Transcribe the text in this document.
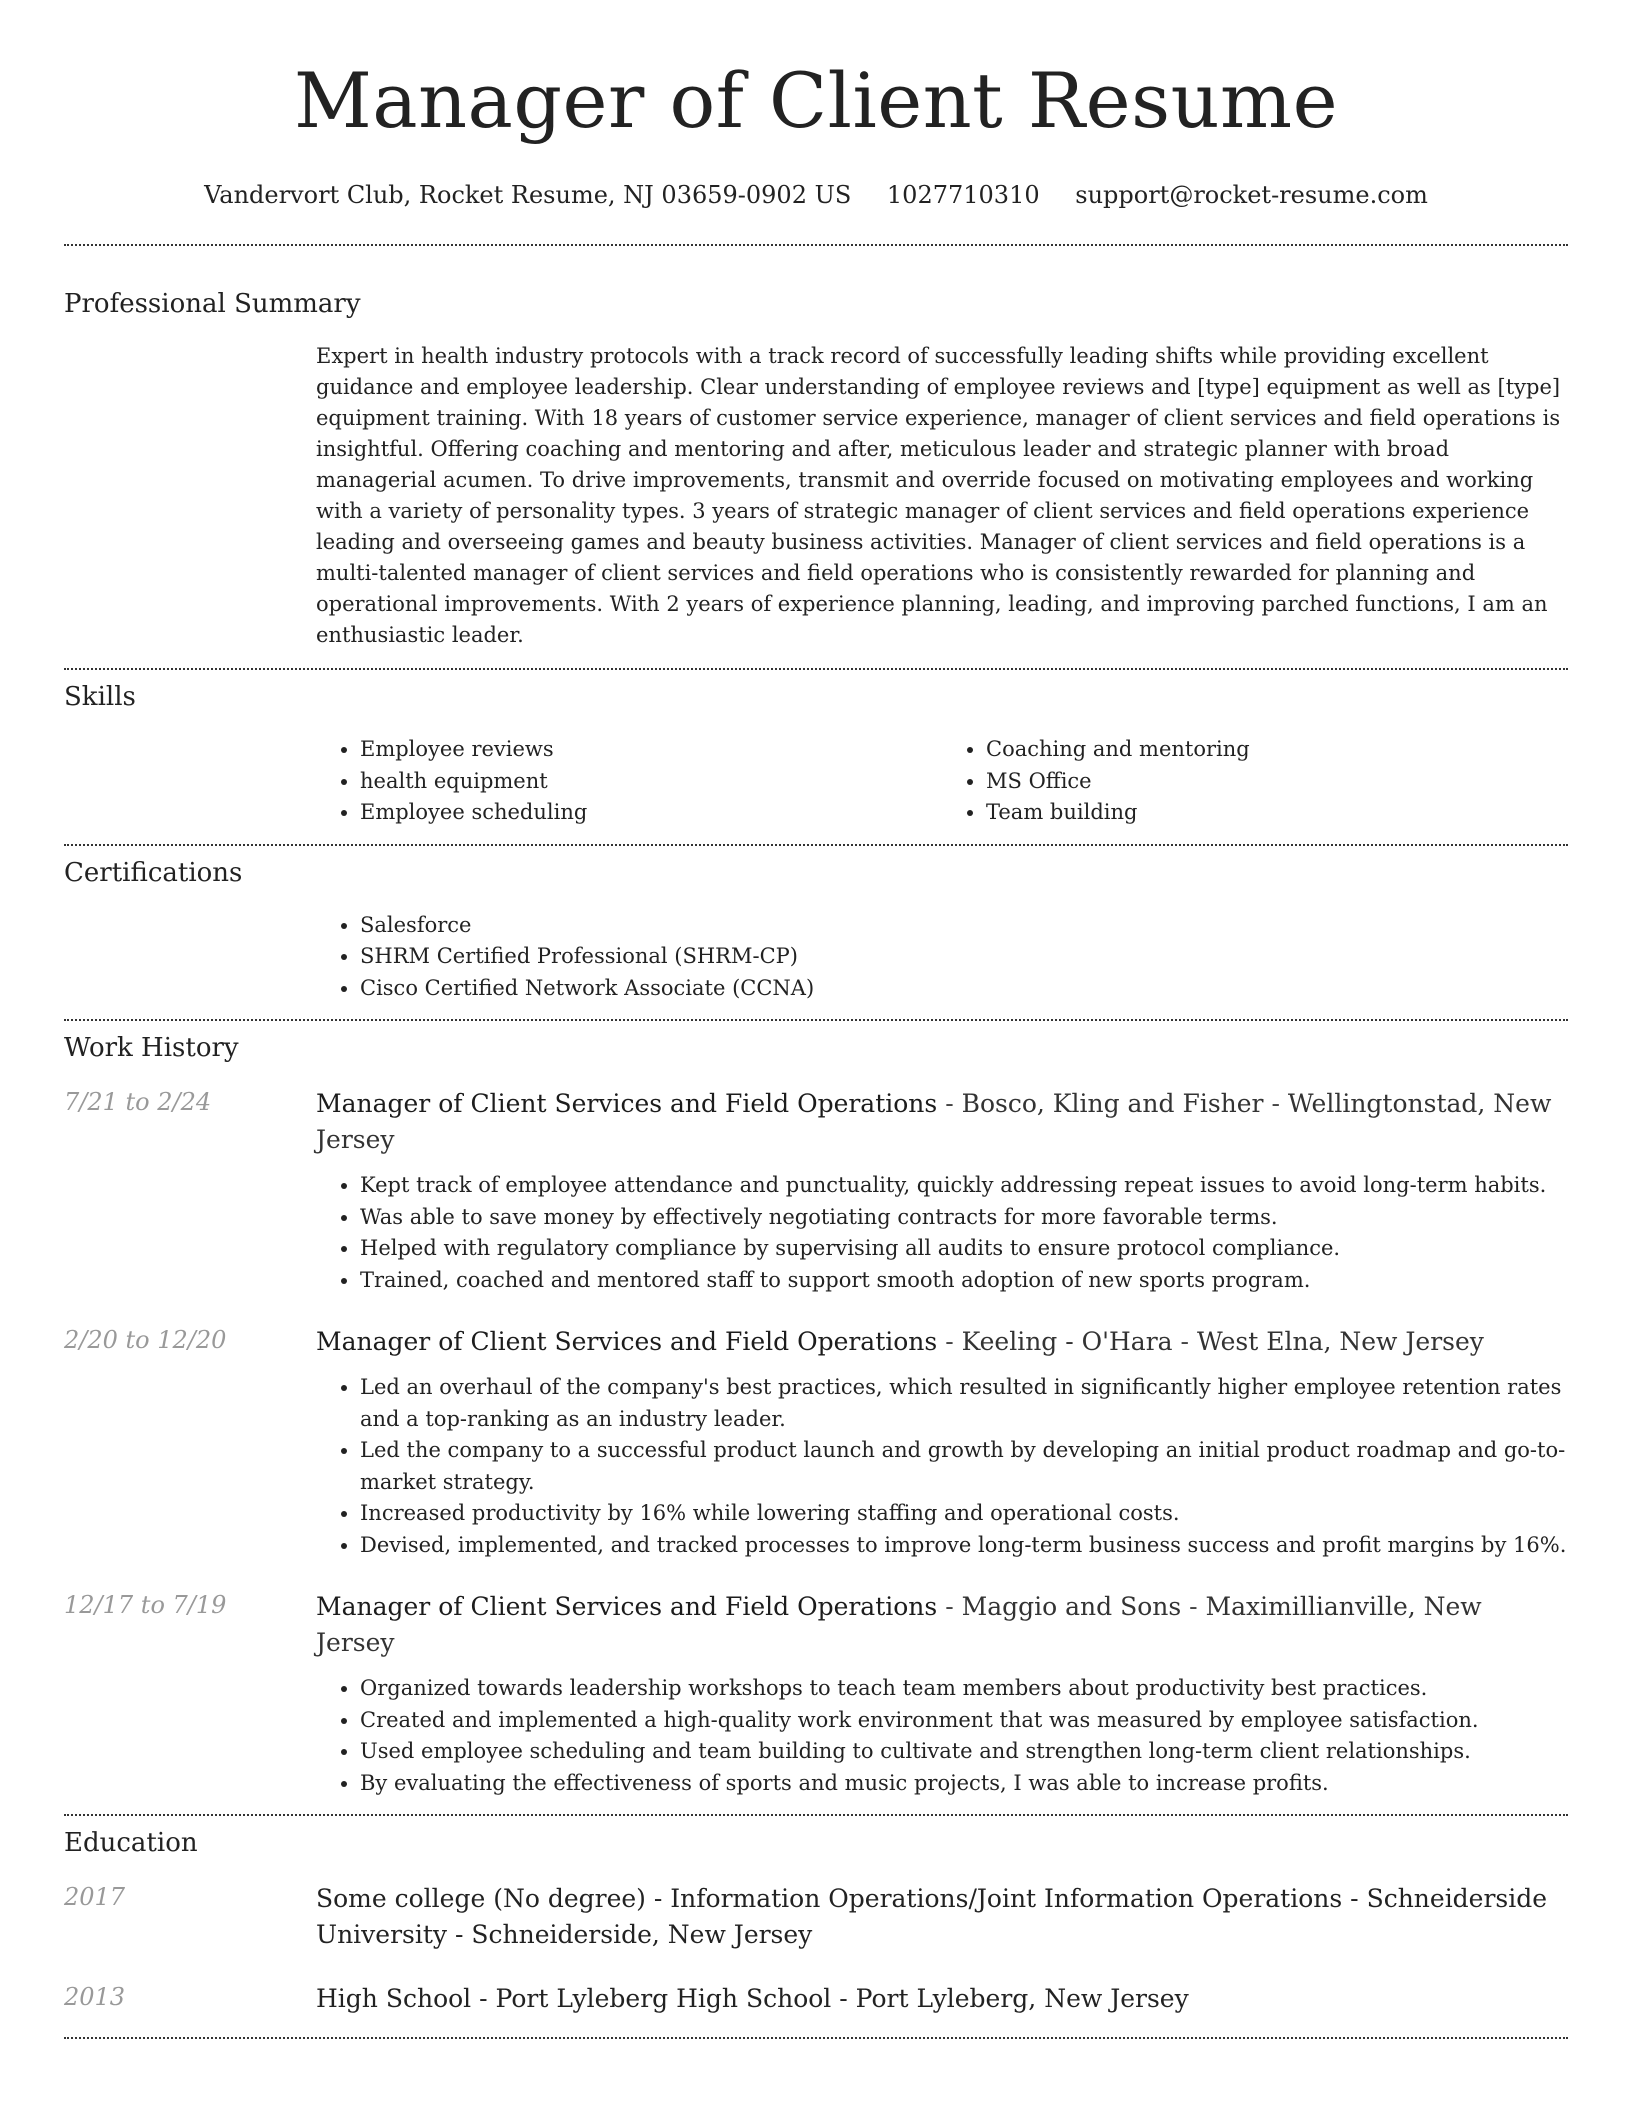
Manager of Client Resume
Vandervort Club, Rocket Resume, NJ 03659-0902 US 1027710310 support@rocket-resume.com
Professional Summary

Expert in health industry protocols with a track record of successfully leading shifts while providing excellent guidance and employee leadership. Clear understanding of employee reviews and [type] equipment as well as [type] equipment training. With 18 years of customer service experience, manager of client services and field operations is insightful. Offering coaching and mentoring and after, meticulous leader and strategic planner with broad managerial acumen. To drive improvements, transmit and override focused on motivating employees and working with a variety of personality types. 3 years of strategic manager of client services and field operations experience leading and overseeing games and beauty business activities. Manager of client services and field operations is a multi-talented manager of client services and field operations who is consistently rewarded for planning and operational improvements. With 2 years of experience planning, leading, and improving parched functions, I am an enthusiastic leader.

Skills
• Employee reviews
• health equipment
• Employee scheduling
• Coaching and mentoring
• MS Office
• Team building
Certifications
• Salesforce
• SHRM Certified Professional (SHRM-CP)
• Cisco Certified Network Associate (CCNA)
Work History
7/21 to 2/24	Manager of Client Services and Field Operations - Bosco, Kling and Fisher - Wellingtonstad, New Jersey
• Kept track of employee attendance and punctuality, quickly addressing repeat issues to avoid long-term habits.
• Was able to save money by effectively negotiating contracts for more favorable terms.
• Helped with regulatory compliance by supervising all audits to ensure protocol compliance.
• Trained, coached and mentored staff to support smooth adoption of new sports program.
2/20 to 12/20	Manager of Client Services and Field Operations - Keeling - O'Hara - West Elna, New Jersey
• Led an overhaul of the company's best practices, which resulted in significantly higher employee retention rates and a top-ranking as an industry leader.
• Led the company to a successful product launch and growth by developing an initial product roadmap and go-to-market strategy.
• Increased productivity by 16% while lowering staffing and operational costs.
• Devised, implemented, and tracked processes to improve long-term business success and profit margins by 16%.
12/17 to 7/19	Manager of Client Services and Field Operations - Maggio and Sons - Maximillianville, New Jersey
• Organized towards leadership workshops to teach team members about productivity best practices.
• Created and implemented a high-quality work environment that was measured by employee satisfaction.
• Used employee scheduling and team building to cultivate and strengthen long-term client relationships.
• By evaluating the effectiveness of sports and music projects, I was able to increase profits.
Education
2017	Some college (No degree) - Information Operations/Joint Information Operations - Schneiderside University - Schneiderside, New Jersey
2013	High School - Port Lyleberg High School - Port Lyleberg, New Jersey
